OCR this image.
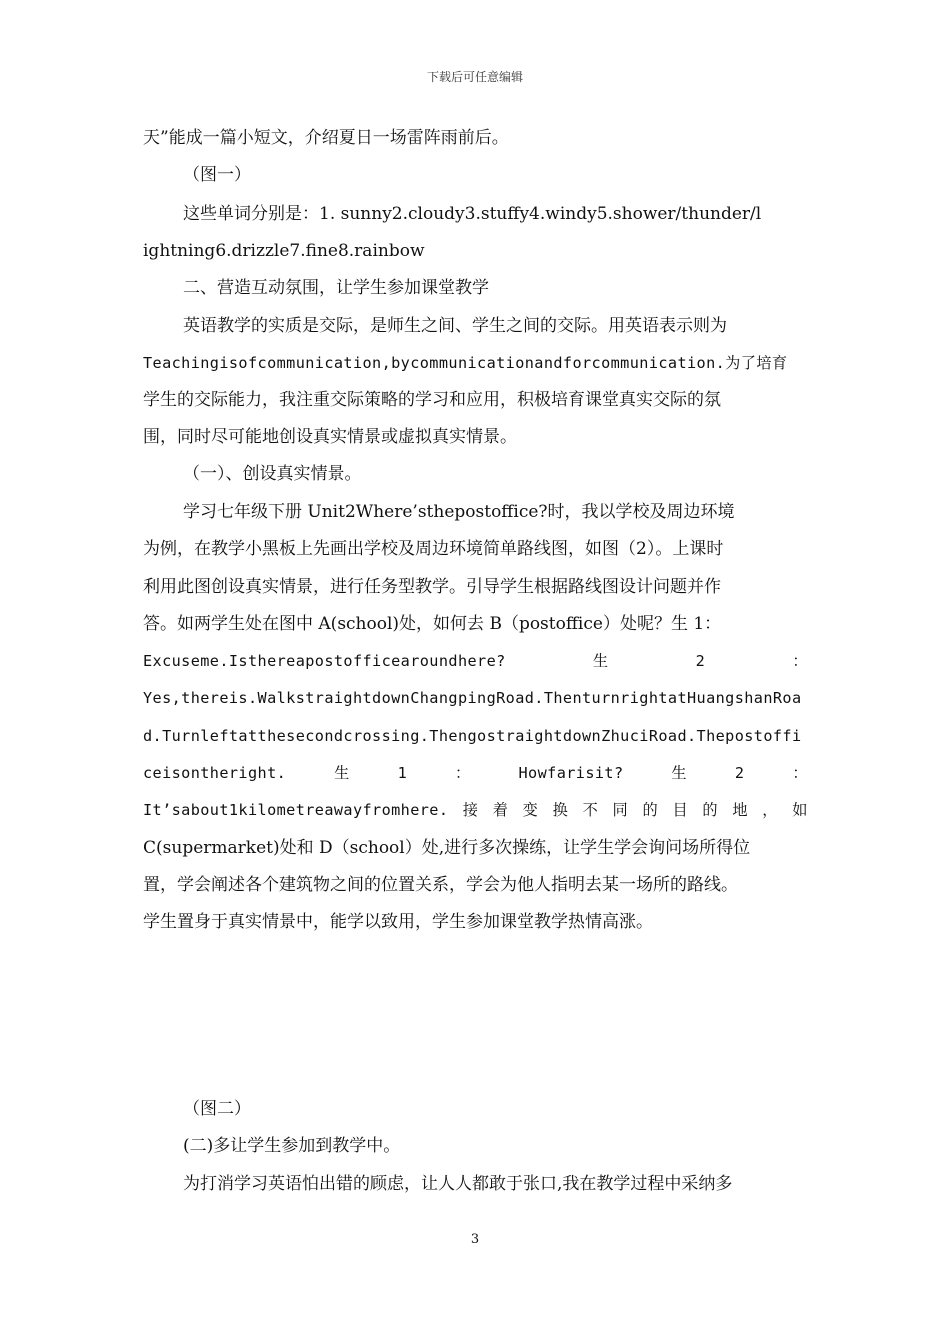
下载后可任意编辑
天”能成一篇小短文，介绍夏日一场雷阵雨前后。
（图一）
这些单词分别是：1. sunny2.cloudy3.stuffy4.windy5.shower/thunder/l
ightning6.drizzle7.fine8.rainbow
二、营造互动氛围，让学生参加课堂教学
英语教学的实质是交际，是师生之间、学生之间的交际。用英语表示则为
Teachingisofcommunication,bycommunicationandforcommunication.为了培育
学生的交际能力，我注重交际策略的学习和应用，积极培育课堂真实交际的氛
围，同时尽可能地创设真实情景或虚拟真实情景。
（一）、创设真实情景。
学习七年级下册 Unit2Where’sthepostoffice?时，我以学校及周边环境
为例，在教学小黑板上先画出学校及周边环境简单路线图，如图（2）。上课时
利用此图创设真实情景，进行任务型教学。引导学生根据路线图设计问题并作
答。如两学生处在图中 A(school)处，如何去 B（postoffice）处呢？生 1：
Excuseme.Isthereapostofficearoundhere?	生	2	：
Yes,thereis.WalkstraightdownChangpingRoad.ThenturnrightatHuangshanRoa
d.Turnleftatthesecondcrossing.ThengostraightdownZhuciRoad.Thepostoffi
ceisontheright.	生	1	：	Howfarisit?	生	2	：
It’sabout1kilometreawayfromhere. 接 着 变 换 不 同 的 目 的 地 ， 如
C(supermarket)处和 D（school）处,进行多次操练，让学生学会询问场所得位
置，学会阐述各个建筑物之间的位置关系，学会为他人指明去某一场所的路线。
学生置身于真实情景中，能学以致用，学生参加课堂教学热情高涨。
（图二）
(二)多让学生参加到教学中。
为打消学习英语怕出错的顾虑，让人人都敢于张口,我在教学过程中采纳多
3
